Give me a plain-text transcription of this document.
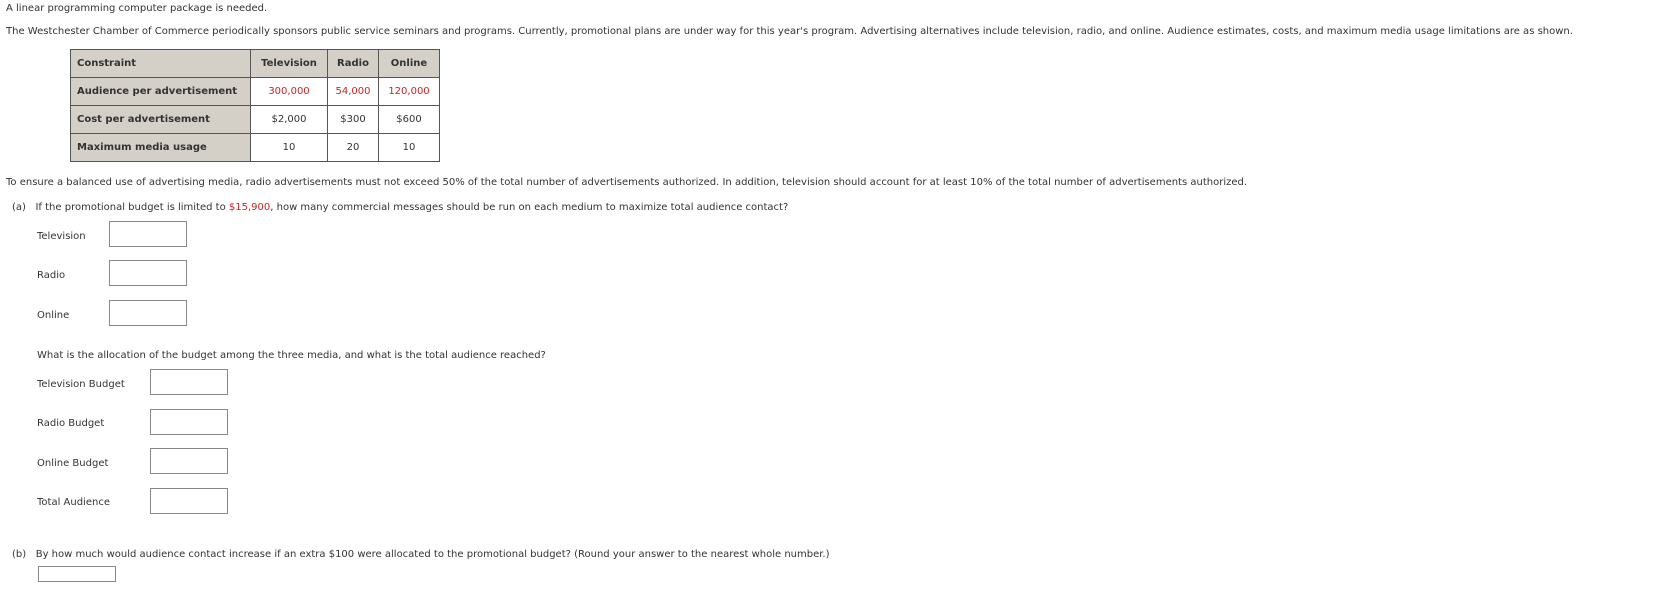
A linear programming computer package is needed.
The Westchester Chamber of Commerce periodically sponsors public service seminars and programs. Currently, promotional plans are under way for this year's program. Advertising alternatives include television, radio, and online. Audience estimates, costs, and maximum media usage limitations are as shown.
Constraint	Television	Radio	Online
Audience per advertisement	300,000	54,000	120,000
Cost per advertisement	$2,000	$300	$600
Maximum media usage	10	20	10
To ensure a balanced use of advertising media, radio advertisements must not exceed 50% of the total number of advertisements authorized. In addition, television should account for at least 10% of the total number of advertisements authorized.
(a) If the promotional budget is limited to $15,900, how many commercial messages should be run on each medium to maximize total audience contact?
Television
Radio
Online
What is the allocation of the budget among the three media, and what is the total audience reached?
Television Budget
Radio Budget
Online Budget
Total Audience
(b) By how much would audience contact increase if an extra $100 were allocated to the promotional budget? (Round your answer to the nearest whole number.)
